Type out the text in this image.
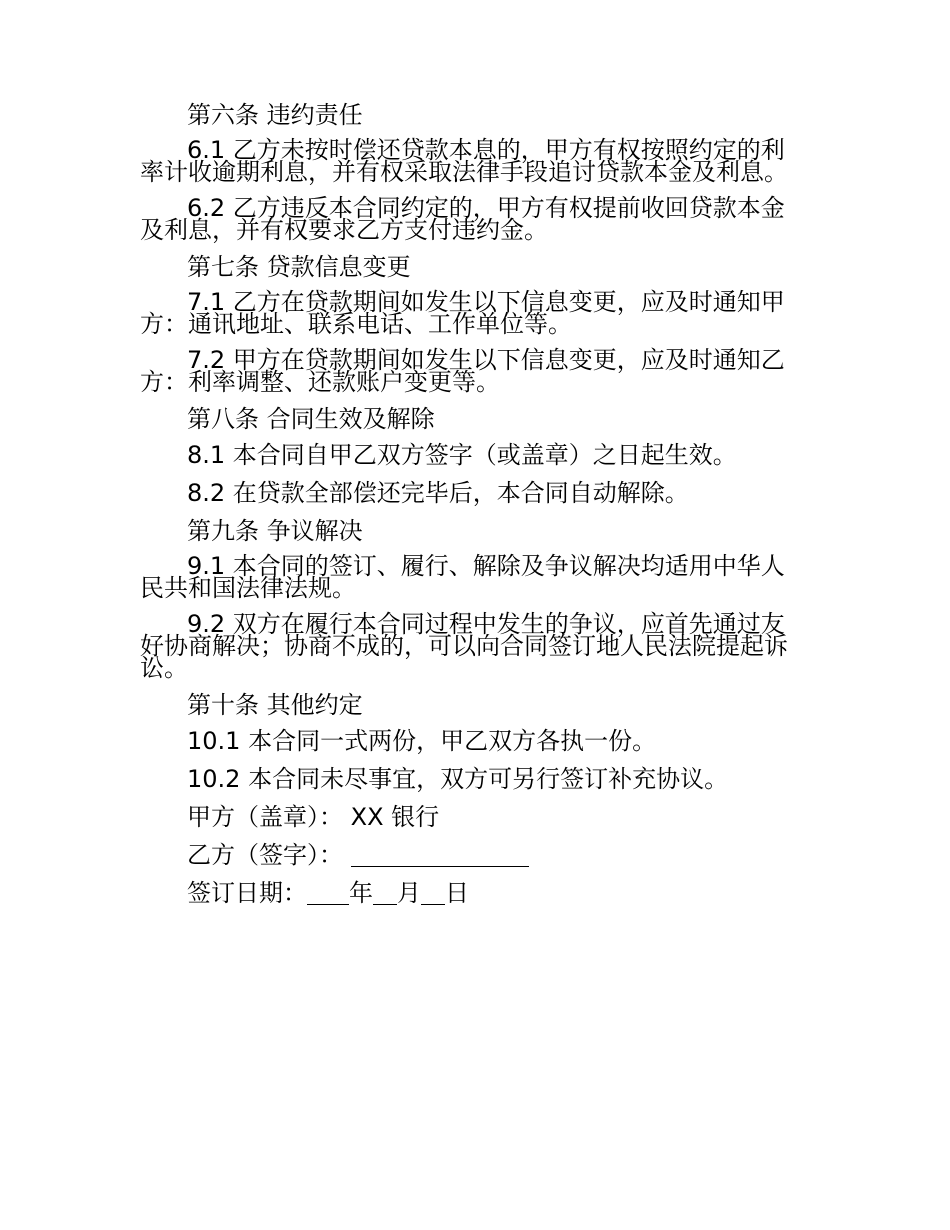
第六条 违约责任
6.1 乙方未按时偿还贷款本息的，甲方有权按照约定的利
率计收逾期利息，并有权采取法律手段追讨贷款本金及利息。
6.2 乙方违反本合同约定的，甲方有权提前收回贷款本金
及利息，并有权要求乙方支付违约金。
第七条 贷款信息变更
7.1 乙方在贷款期间如发生以下信息变更，应及时通知甲
方：通讯地址、联系电话、工作单位等。
7.2 甲方在贷款期间如发生以下信息变更，应及时通知乙
方：利率调整、还款账户变更等。
第八条 合同生效及解除
8.1 本合同自甲乙双方签字（或盖章）之日起生效。
8.2 在贷款全部偿还完毕后，本合同自动解除。
第九条 争议解决
9.1 本合同的签订、履行、解除及争议解决均适用中华人
民共和国法律法规。
9.2 双方在履行本合同过程中发生的争议，应首先通过友
好协商解决；协商不成的，可以向合同签订地人民法院提起诉
讼。
第十条 其他约定
10.1 本合同一式两份，甲乙双方各执一份。
10.2 本合同未尽事宜，双方可另行签订补充协议。
甲方（盖章）： XX 银行
乙方（签字）：
签订日期： 年 月 日
